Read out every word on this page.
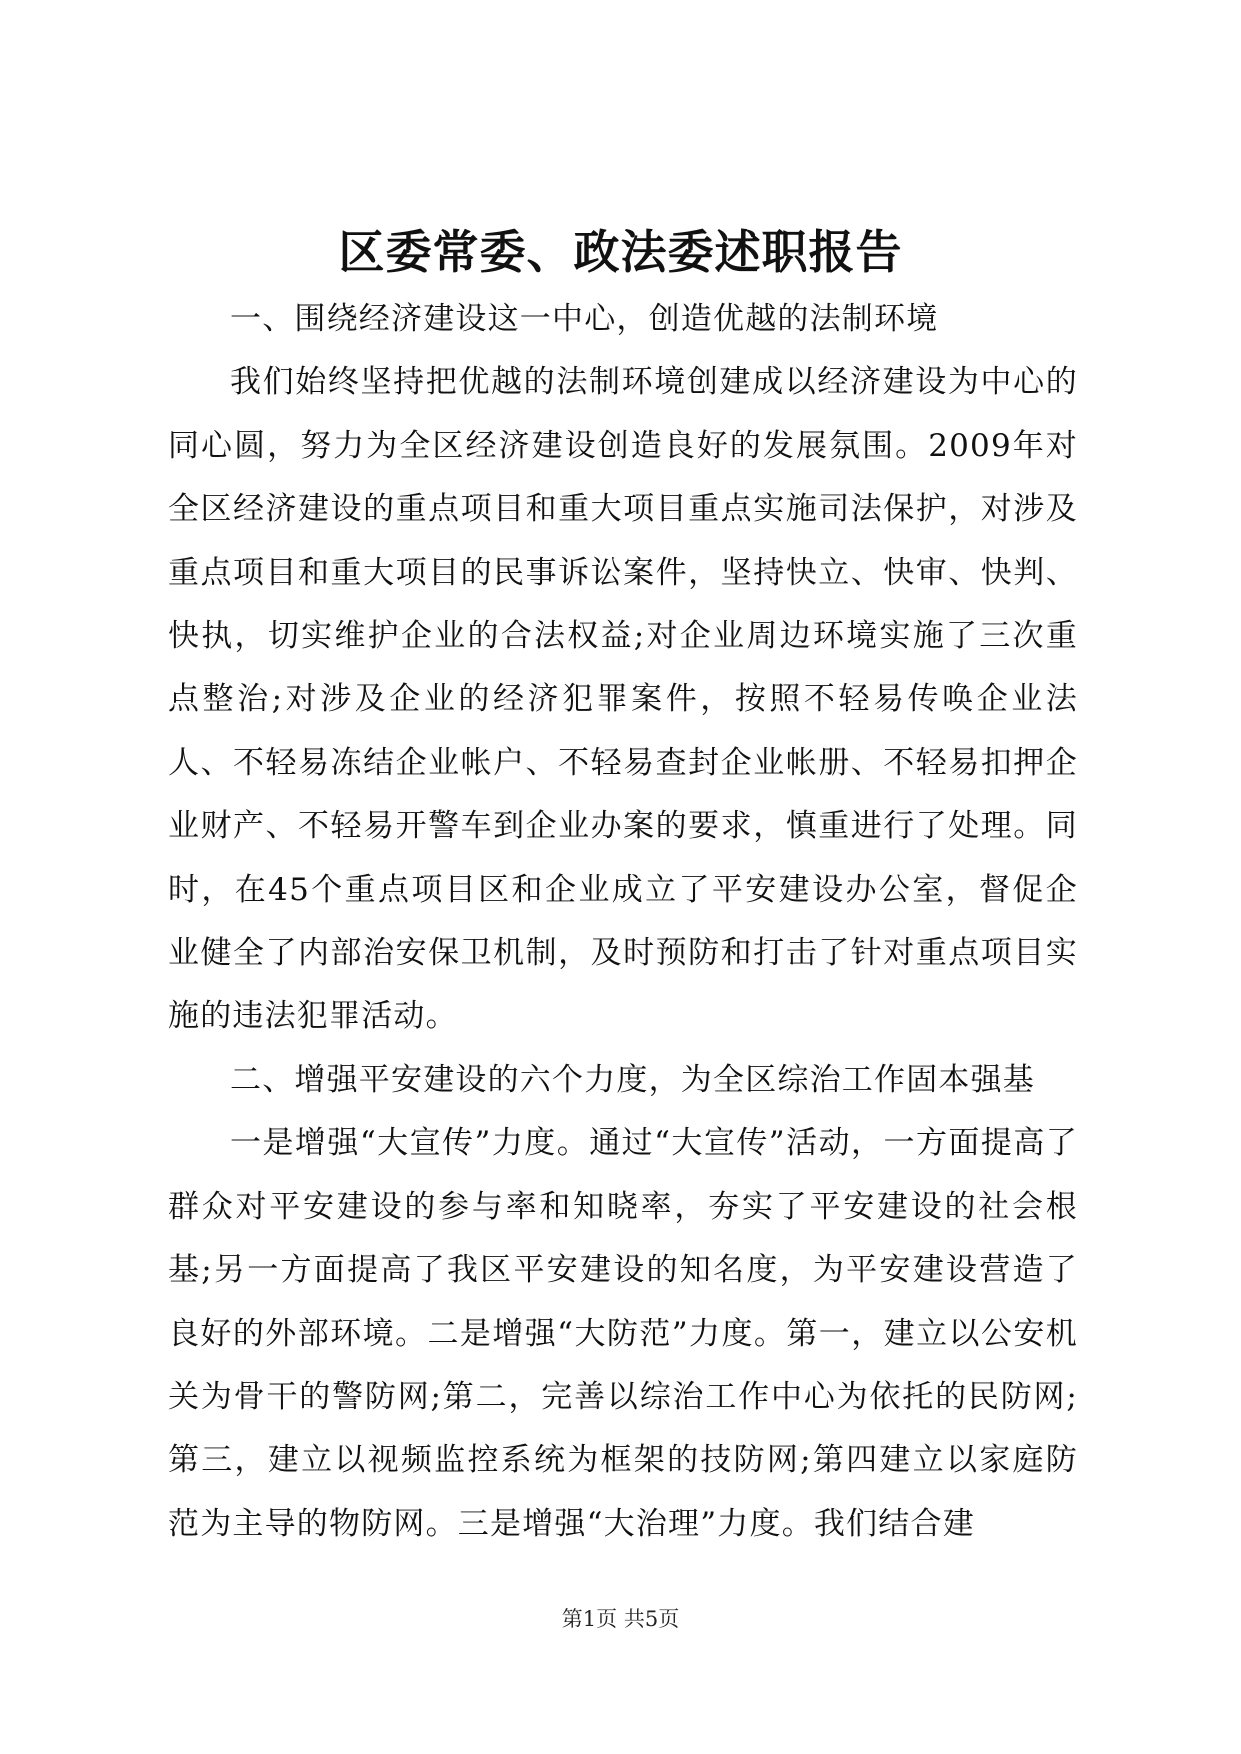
区委常委、政法委述职报告

一、围绕经济建设这一中心，创造优越的法制环境

我们始终坚持把优越的法制环境创建成以经济建设为中心的同心圆，努力为全区经济建设创造良好的发展氛围。2009年对全区经济建设的重点项目和重大项目重点实施司法保护，对涉及重点项目和重大项目的民事诉讼案件，坚持快立、快审、快判、快执，切实维护企业的合法权益;对企业周边环境实施了三次重点整治;对涉及企业的经济犯罪案件，按照不轻易传唤企业法人、不轻易冻结企业帐户、不轻易查封企业帐册、不轻易扣押企业财产、不轻易开警车到企业办案的要求，慎重进行了处理。同时，在45个重点项目区和企业成立了平安建设办公室，督促企业健全了内部治安保卫机制，及时预防和打击了针对重点项目实施的违法犯罪活动。

二、增强平安建设的六个力度，为全区综治工作固本强基

一是增强“大宣传”力度。通过“大宣传”活动，一方面提高了群众对平安建设的参与率和知晓率，夯实了平安建设的社会根基;另一方面提高了我区平安建设的知名度，为平安建设营造了良好的外部环境。二是增强“大防范”力度。第一，建立以公安机关为骨干的警防网;第二，完善以综治工作中心为依托的民防网;第三，建立以视频监控系统为框架的技防网;第四建立以家庭防范为主导的物防网。三是增强“大治理”力度。我们结合建

第1页 共5页
